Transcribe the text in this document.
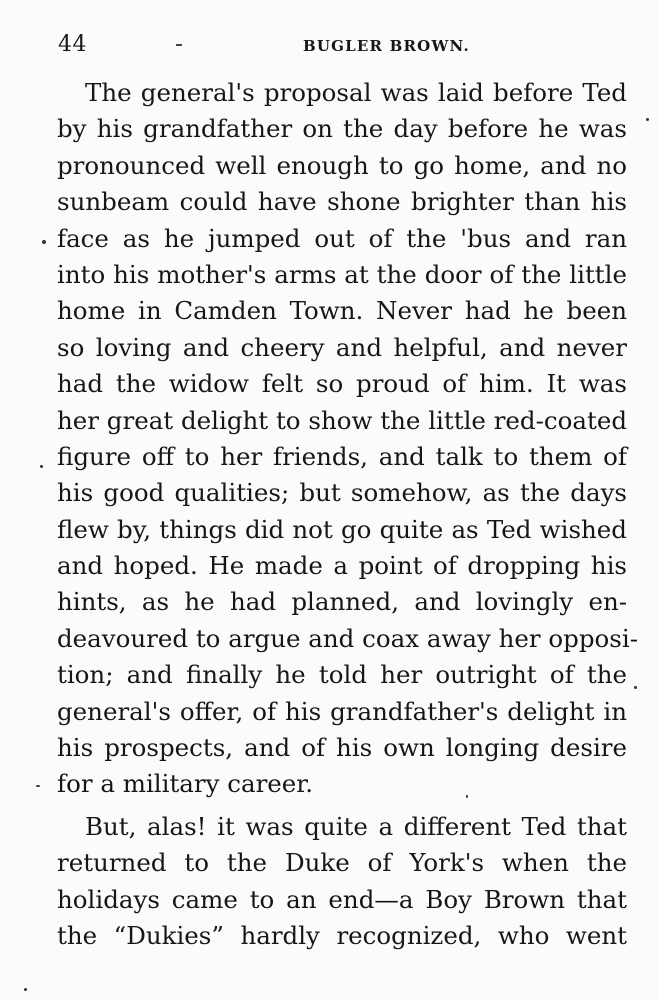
44	BUGLER BROWN.
The general's proposal was laid before Ted
by his grandfather on the day before he was
pronounced well enough to go home, and no
sunbeam could have shone brighter than his
face as he jumped out of the 'bus and ran
into his mother's arms at the door of the little
home in Camden Town. Never had he been
so loving and cheery and helpful, and never
had the widow felt so proud of him. It was
her great delight to show the little red-coated
figure off to her friends, and talk to them of
his good qualities; but somehow, as the days
flew by, things did not go quite as Ted wished
and hoped. He made a point of dropping his
hints, as he had planned, and lovingly en-
deavoured to argue and coax away her opposi-
tion; and finally he told her outright of the
general's offer, of his grandfather's delight in
his prospects, and of his own longing desire
for a military career.
But, alas! it was quite a different Ted that
returned to the Duke of York's when the
holidays came to an end—a Boy Brown that
the “Dukies” hardly recognized, who went
